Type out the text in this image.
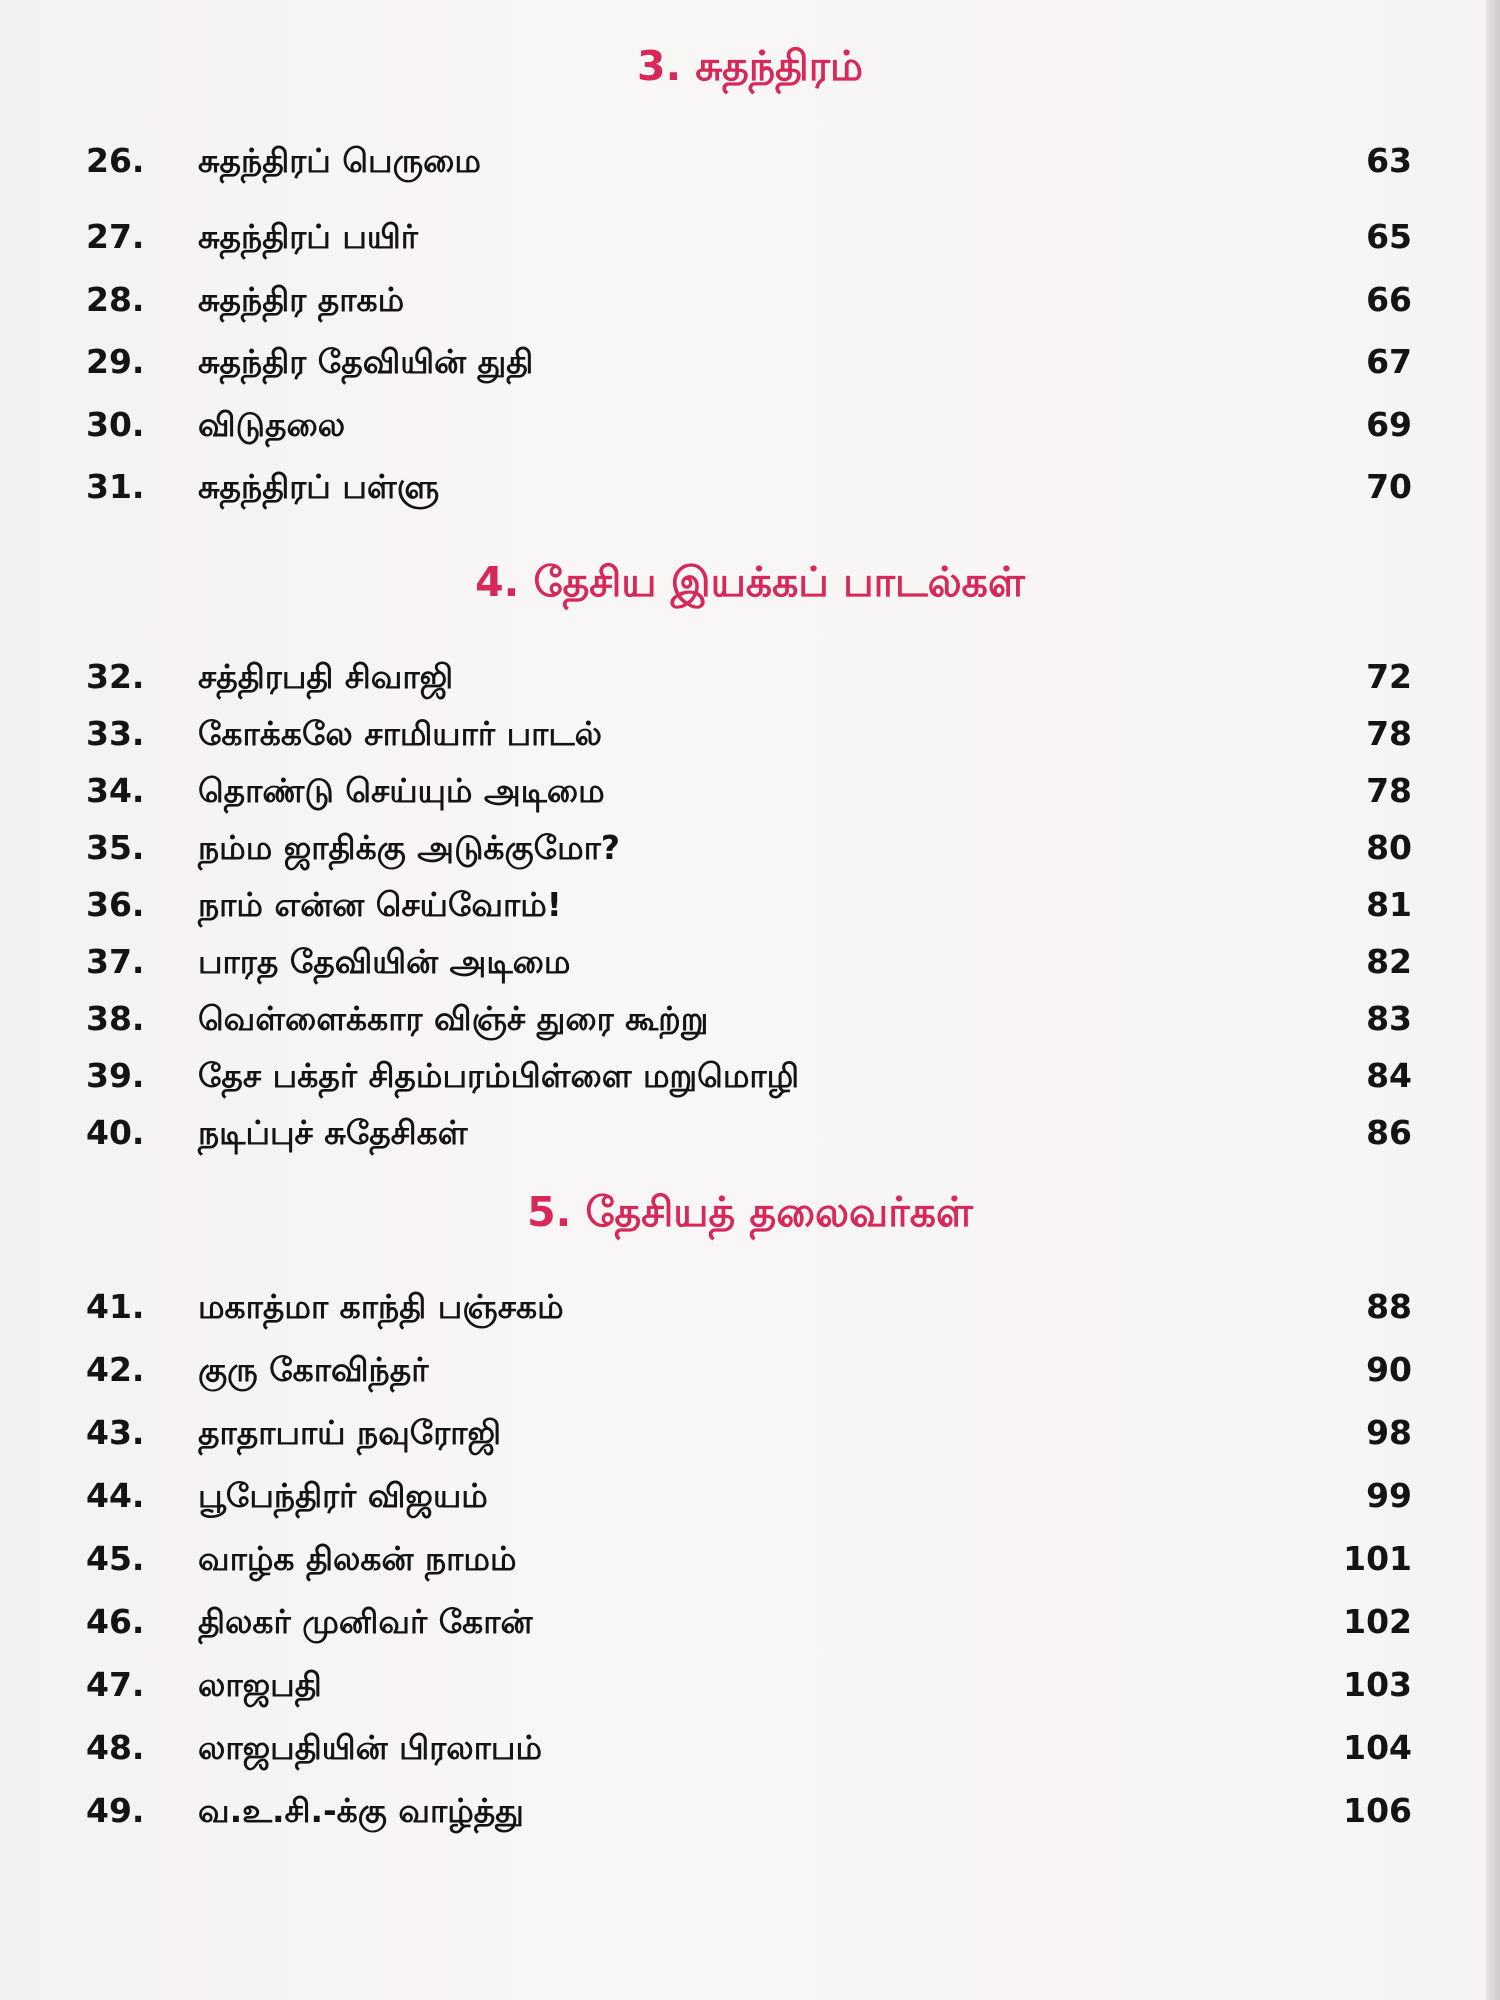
3. சுதந்திரம்
26.	சுதந்திரப் பெருமை	63
27.	சுதந்திரப் பயிர்	65
28.	சுதந்திர தாகம்	66
29.	சுதந்திர தேவியின் துதி	67
30.	விடுதலை	69
31.	சுதந்திரப் பள்ளு	70
4. தேசிய இயக்கப் பாடல்கள்
32.	சத்திரபதி சிவாஜி	72
33.	கோக்கலே சாமியார் பாடல்	78
34.	தொண்டு செய்யும் அடிமை	78
35.	நம்ம ஜாதிக்கு அடுக்குமோ?	80
36.	நாம் என்ன செய்வோம்!	81
37.	பாரத தேவியின் அடிமை	82
38.	வெள்ளைக்கார விஞ்ச் துரை கூற்று	83
39.	தேச பக்தர் சிதம்பரம்பிள்ளை மறுமொழி	84
40.	நடிப்புச் சுதேசிகள்	86
5. தேசியத் தலைவர்கள்
41.	மகாத்மா காந்தி பஞ்சகம்	88
42.	குரு கோவிந்தர்	90
43.	தாதாபாய் நவுரோஜி	98
44.	பூபேந்திரர் விஜயம்	99
45.	வாழ்க திலகன் நாமம்	101
46.	திலகர் முனிவர் கோன்	102
47.	லாஜபதி	103
48.	லாஜபதியின் பிரலாபம்	104
49.	வ.உ.சி.-க்கு வாழ்த்து	106
